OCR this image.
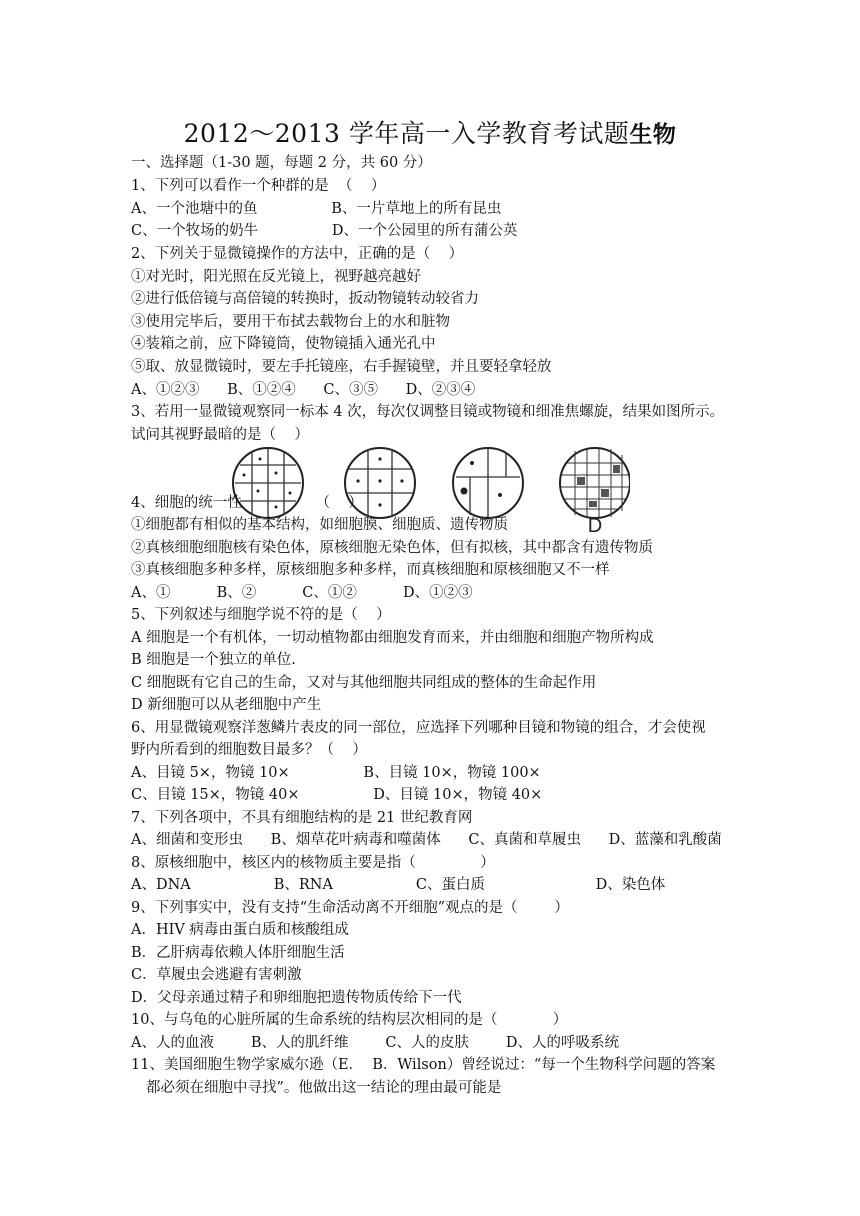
2012～2013 学年高一入学教育考试题生物
一、选择题（1-30 题，每题 2 分，共 60 分）
1、下列可以看作一个种群的是  （    ）
A、一个池塘中的鱼                B、一片草地上的所有昆虫
C、一个牧场的奶牛                D、一个公园里的所有蒲公英
2、下列关于显微镜操作的方法中，正确的是（    ）
①对光时，阳光照在反光镜上，视野越亮越好
②进行低倍镜与高倍镜的转换时，扳动物镜转动较省力
③使用完毕后，要用干布拭去载物台上的水和脏物
④装箱之前，应下降镜筒，使物镜插入通光孔中
⑤取、放显微镜时，要左手托镜座，右手握镜壁，并且要轻拿轻放
A、①②③      B、①②④      C、③⑤      D、②③④
3、若用一显微镜观察同一标本 4 次，每次仅调整目镜或物镜和细准焦螺旋，结果如图所示。
试问其视野最暗的是（    ）
D
4、细胞的统一性                （    ）
①细胞都有相似的基本结构，如细胞膜、细胞质、遗传物质
②真核细胞细胞核有染色体，原核细胞无染色体，但有拟核，其中都含有遗传物质
③真核细胞多种多样，原核细胞多种多样，而真核细胞和原核细胞又不一样
A、①          B、②          C、①②          D、①②③
5、下列叙述与细胞学说不符的是（    ）
A 细胞是一个有机体，一切动植物都由细胞发育而来，并由细胞和细胞产物所构成
B 细胞是一个独立的单位.
C 细胞既有它自己的生命，又对与其他细胞共同组成的整体的生命起作用
D 新细胞可以从老细胞中产生
6、用显微镜观察洋葱鳞片表皮的同一部位，应选择下列哪种目镜和物镜的组合，才会使视
野内所看到的细胞数目最多？（    ）
A、目镜 5×，物镜 10×                B、目镜 10×，物镜 100×
C、目镜 15×，物镜 40×                D、目镜 10×，物镜 40×
7、下列各项中，不具有细胞结构的是 21 世纪教育网
A、细菌和变形虫      B、烟草花叶病毒和噬菌体      C、真菌和草履虫      D、蓝藻和乳酸菌
8、原核细胞中，核区内的核物质主要是指（              ）
A、DNA                  B、RNA                  C、蛋白质                        D、染色体
9、下列事实中，没有支持“生命活动离不开细胞”观点的是（        ）
A．HIV 病毒由蛋白质和核酸组成
B．乙肝病毒依赖人体肝细胞生活
C．草履虫会逃避有害刺激
D．父母亲通过精子和卵细胞把遗传物质传给下一代
10、与乌龟的心脏所属的生命系统的结构层次相同的是（            ）
A、人的血液        B、人的肌纤维        C、人的皮肤        D、人的呼吸系统
11、美国细胞生物学家威尔逊（E．  B．Wilson）曾经说过：“每一个生物科学问题的答案
都必须在细胞中寻找”。他做出这一结论的理由最可能是
